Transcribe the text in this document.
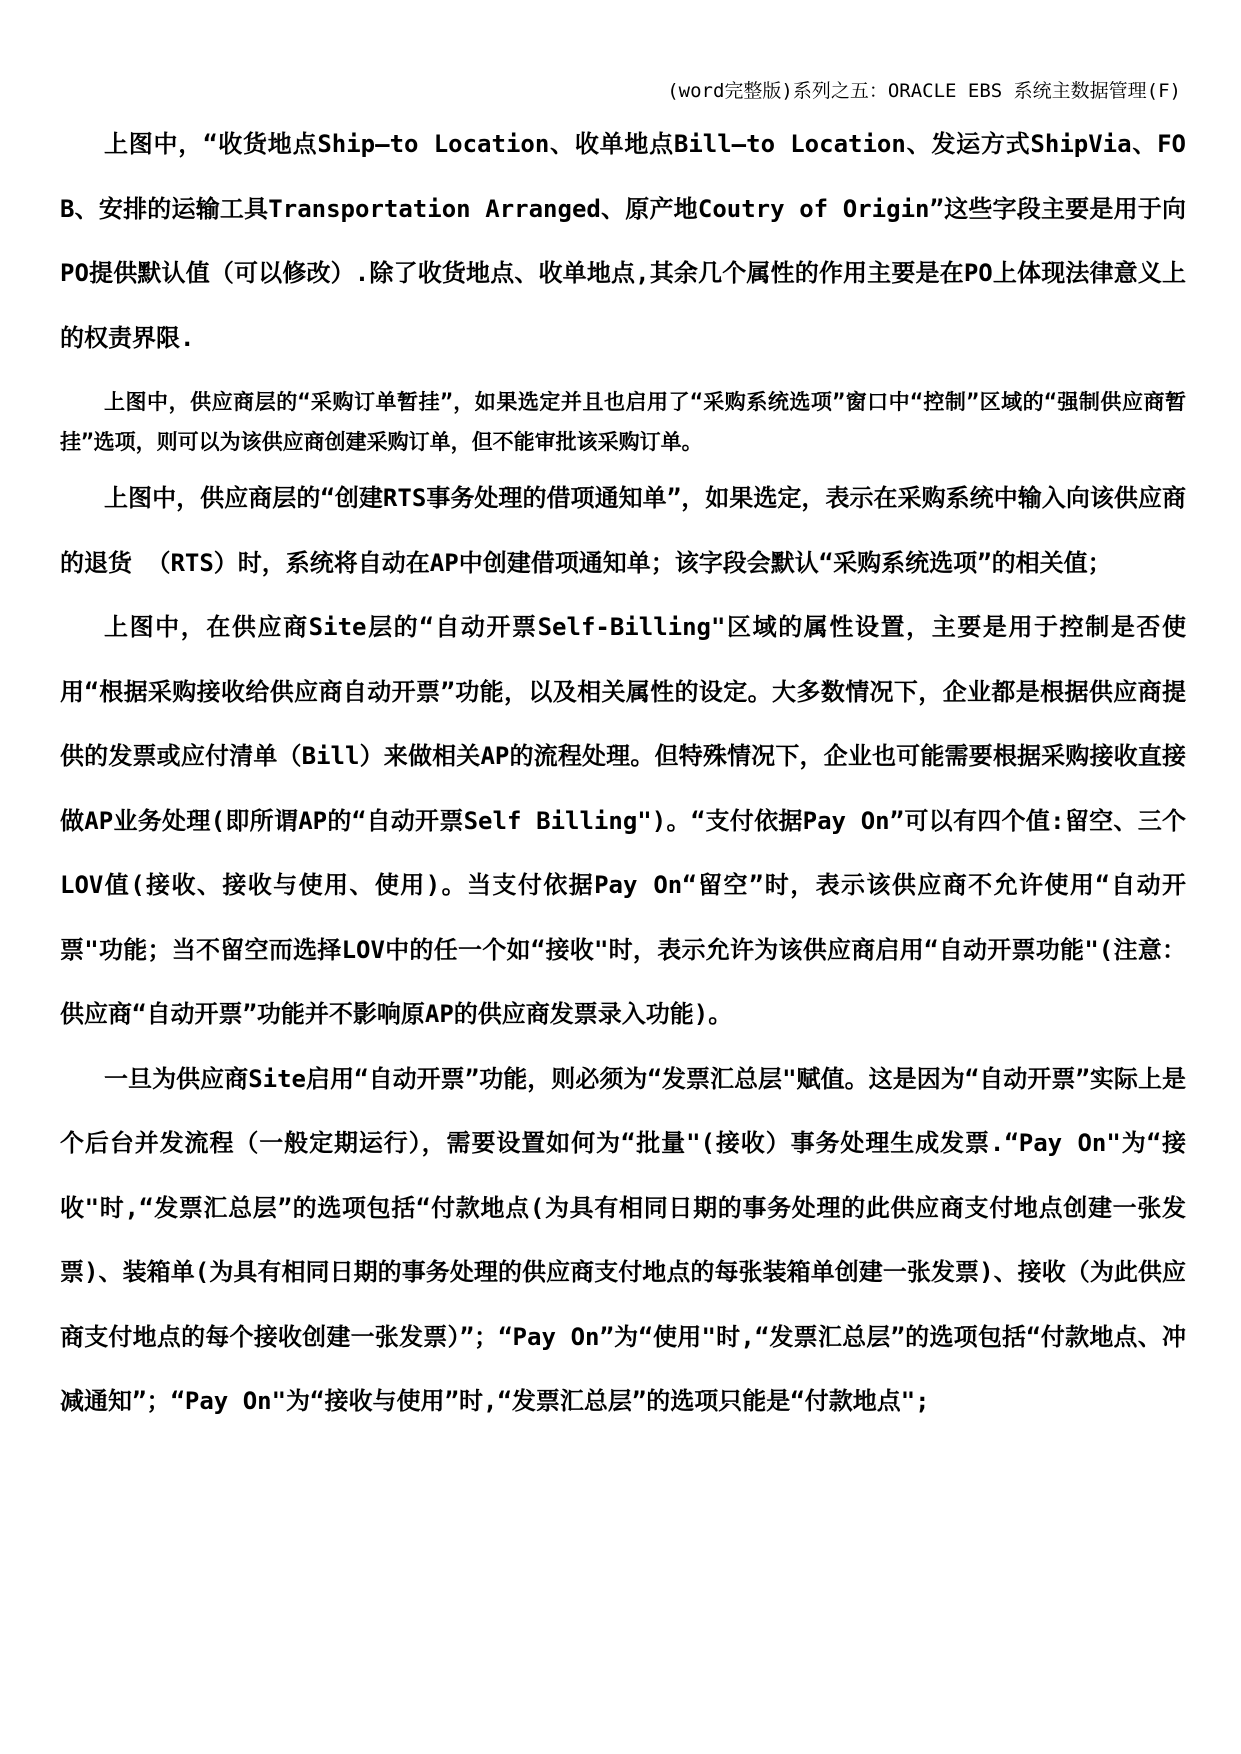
(word完整版)系列之五：ORACLE EBS 系统主数据管理(F)

上图中，“收货地点Ship—to Location、收单地点Bill—to Location、发运方式ShipVia、FOB、安排的运输工具Transportation Arranged、原产地Coutry of Origin”这些字段主要是用于向PO提供默认值（可以修改）.除了收货地点、收单地点,其余几个属性的作用主要是在PO上体现法律意义上的权责界限.

上图中，供应商层的“采购订单暂挂”，如果选定并且也启用了“采购系统选项”窗口中“控制”区域的“强制供应商暂挂”选项，则可以为该供应商创建采购订单，但不能审批该采购订单。

上图中，供应商层的“创建RTS事务处理的借项通知单”，如果选定，表示在采购系统中输入向该供应商的退货 （RTS）时，系统将自动在AP中创建借项通知单；该字段会默认“采购系统选项”的相关值；

上图中，在供应商Site层的“自动开票Self-Billing"区域的属性设置，主要是用于控制是否使用“根据采购接收给供应商自动开票”功能，以及相关属性的设定。大多数情况下，企业都是根据供应商提供的发票或应付清单（Bill）来做相关AP的流程处理。但特殊情况下，企业也可能需要根据采购接收直接做AP业务处理(即所谓AP的“自动开票Self Billing")。“支付依据Pay On”可以有四个值:留空、三个LOV值(接收、接收与使用、使用)。当支付依据Pay On“留空”时，表示该供应商不允许使用“自动开票"功能；当不留空而选择LOV中的任一个如“接收"时，表示允许为该供应商启用“自动开票功能"(注意：供应商“自动开票”功能并不影响原AP的供应商发票录入功能)。

一旦为供应商Site启用“自动开票”功能，则必须为“发票汇总层"赋值。这是因为“自动开票”实际上是个后台并发流程（一般定期运行），需要设置如何为“批量"(接收）事务处理生成发票.“Pay On"为“接收"时,“发票汇总层”的选项包括“付款地点(为具有相同日期的事务处理的此供应商支付地点创建一张发票)、装箱单(为具有相同日期的事务处理的供应商支付地点的每张装箱单创建一张发票)、接收（为此供应商支付地点的每个接收创建一张发票）”；“Pay On”为“使用"时,“发票汇总层”的选项包括“付款地点、冲减通知”；“Pay On"为“接收与使用”时,“发票汇总层”的选项只能是“付款地点";
